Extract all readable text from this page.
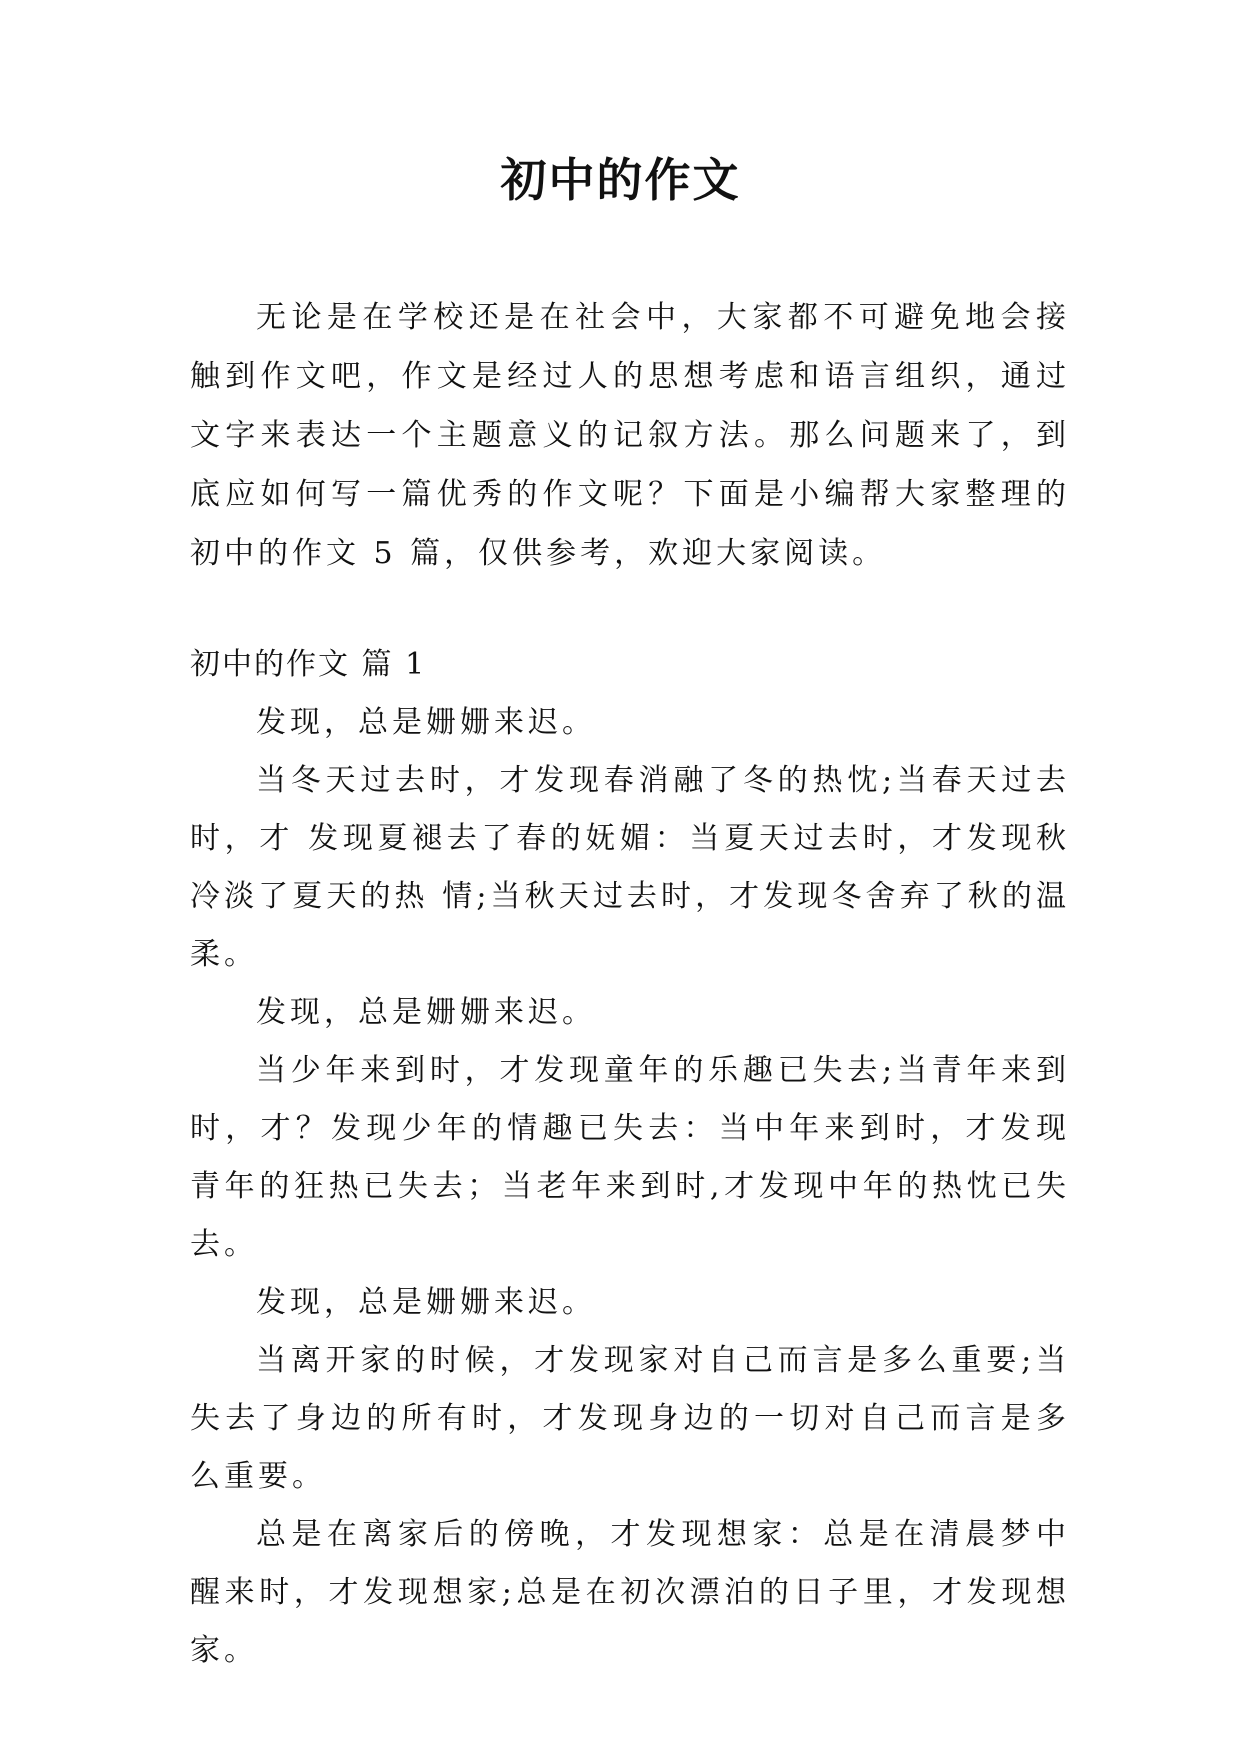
初中的作文

无论是在学校还是在社会中，大家都不可避免地会接触到作文吧，作文是经过人的思想考虑和语言组织，通过文字来表达一个主题意义的记叙方法。那么问题来了，到底应如何写一篇优秀的作文呢？下面是小编帮大家整理的初中的作文 5 篇，仅供参考，欢迎大家阅读。

初中的作文 篇 1

发现，总是姗姗来迟。

当冬天过去时，才发现春消融了冬的热忱;当春天过去时，才 发现夏褪去了春的妩媚：当夏天过去时，才发现秋冷淡了夏天的热 情;当秋天过去时，才发现冬舍弃了秋的温柔。

发现，总是姗姗来迟。

当少年来到时，才发现童年的乐趣已失去;当青年来到时，才？发现少年的情趣已失去：当中年来到时，才发现青年的狂热已失去；当老年来到时,才发现中年的热忱已失去。

发现，总是姗姗来迟。

当离开家的时候，才发现家对自己而言是多么重要;当失去了身边的所有时，才发现身边的一切对自己而言是多么重要。

总是在离家后的傍晚，才发现想家：总是在清晨梦中醒来时，才发现想家;总是在初次漂泊的日子里，才发现想家。
